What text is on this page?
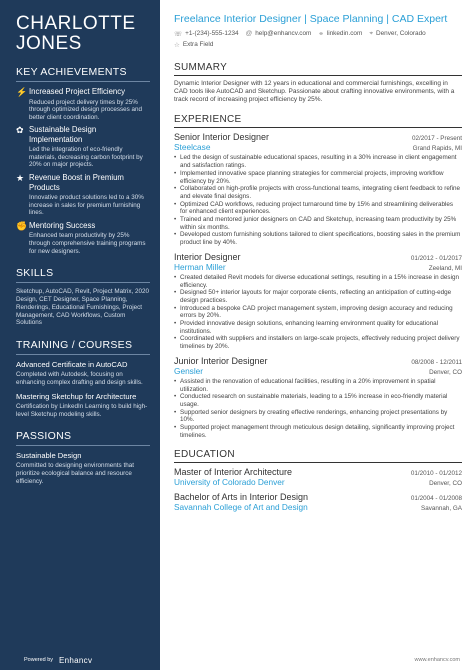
CHARLOTTE
JONES
KEY ACHIEVEMENTS
⚡ Increased Project Efficiency
Reduced project delivery times by 25% through optimized design processes and better client coordination.
✿ Sustainable Design Implementation
Led the integration of eco-friendly materials, decreasing carbon footprint by 20% on major projects.
★ Revenue Boost in Premium Products
Innovative product solutions led to a 30% increase in sales for premium furnishing lines.
✊ Mentoring Success
Enhanced team productivity by 25% through comprehensive training programs for new designers.
SKILLS
Sketchup, AutoCAD, Revit, Project Matrix, 2020 Design, CET Designer, Space Planning, Renderings, Educational Furnishings, Project Management, CAD Workflows, Custom Solutions
TRAINING / COURSES
Advanced Certificate in AutoCAD
Completed with Autodesk, focusing on enhancing complex drafting and design skills.
Mastering Sketchup for Architecture
Certification by LinkedIn Learning to build high-level Sketchup modeling skills.
PASSIONS
Sustainable Design
Committed to designing environments that prioritize ecological balance and resource efficiency.
Freelance Interior Designer | Space Planning | CAD Expert
☏ +1-(234)-555-1234 @ help@enhancv.com ⚭ linkedin.com ⌖ Denver, Colorado
☆ Extra Field
SUMMARY
Dynamic Interior Designer with 12 years in educational and commercial furnishings, excelling in CAD tools like AutoCAD and Sketchup. Passionate about crafting innovative environments, with a track record of increasing project efficiency by 25%.
EXPERIENCE
Senior Interior Designer	02/2017 - Present
Steelcase	Grand Rapids, MI
• Led the design of sustainable educational spaces, resulting in a 30% increase in client engagement and satisfaction ratings.
• Implemented innovative space planning strategies for commercial projects, improving workflow efficiency by 20%.
• Collaborated on high-profile projects with cross-functional teams, integrating client feedback to refine and elevate final designs.
• Optimized CAD workflows, reducing project turnaround time by 15% and streamlining deliverables for enhanced client experiences.
• Trained and mentored junior designers on CAD and Sketchup, increasing team productivity by 25% within six months.
• Developed custom furnishing solutions tailored to client specifications, boosting sales in the premium product line by 40%.
Interior Designer	01/2012 - 01/2017
Herman Miller	Zeeland, MI
• Created detailed Revit models for diverse educational settings, resulting in a 15% increase in design efficiency.
• Designed 50+ interior layouts for major corporate clients, reflecting an anticipation of cutting-edge design practices.
• Introduced a bespoke CAD project management system, improving design accuracy and reducing errors by 20%.
• Provided innovative design solutions, enhancing learning environment quality for educational institutions.
• Coordinated with suppliers and installers on large-scale projects, effectively reducing project delivery timelines by 20%.
Junior Interior Designer	08/2008 - 12/2011
Gensler	Denver, CO
• Assisted in the renovation of educational facilities, resulting in a 20% improvement in spatial utilization.
• Conducted research on sustainable materials, leading to a 15% increase in eco-friendly material usage.
• Supported senior designers by creating effective renderings, enhancing project presentations by 10%.
• Supported project management through meticulous design detailing, significantly improving project timelines.
EDUCATION
Master of Interior Architecture	01/2010 - 01/2012
University of Colorado Denver	Denver, CO
Bachelor of Arts in Interior Design	01/2004 - 01/2008
Savannah College of Art and Design	Savannah, GA
Powered by Enhancv	www.enhancv.com
